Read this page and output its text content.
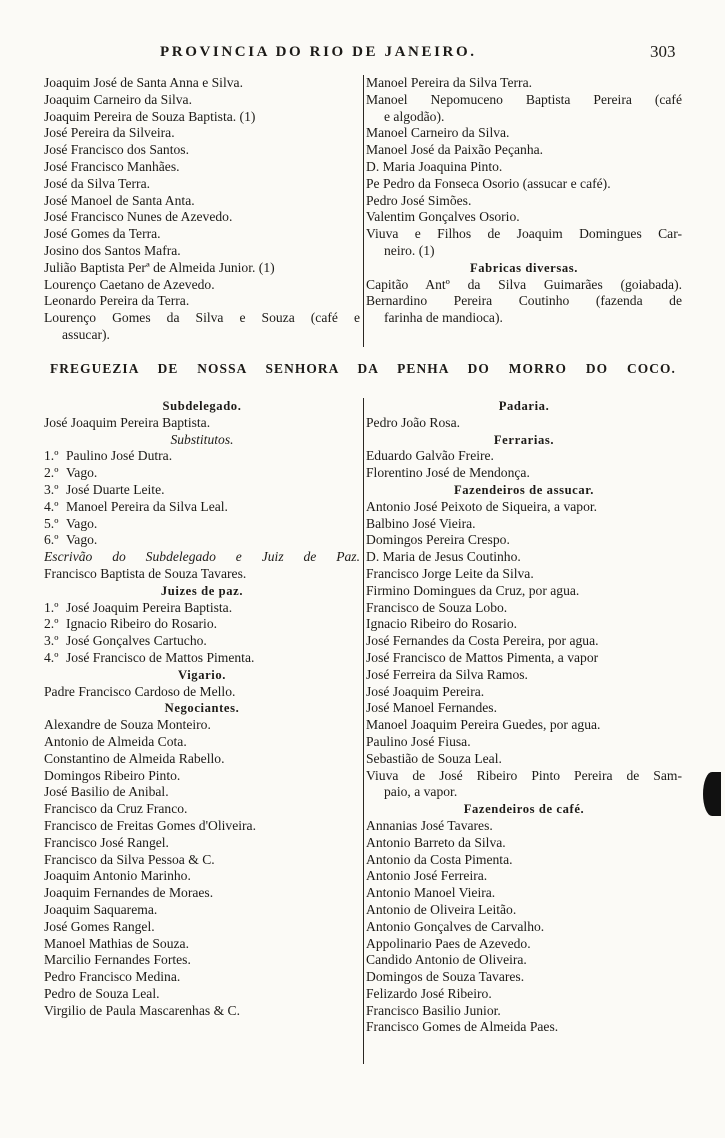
PROVINCIA DO RIO DE JANEIRO.	303
Joaquim José de Santa Anna e Silva.
Joaquim Carneiro da Silva.
Joaquim Pereira de Souza Baptista. (1)
José Pereira da Silveira.
José Francisco dos Santos.
José Francisco Manhães.
José da Silva Terra.
José Manoel de Santa Anta.
José Francisco Nunes de Azevedo.
José Gomes da Terra.
Josino dos Santos Mafra.
Julião Baptista Perª de Almeida Junior. (1)
Lourenço Caetano de Azevedo.
Leonardo Pereira da Terra.
Lourenço Gomes da Silva e Souza (café e
assucar).
Manoel Pereira da Silva Terra.
Manoel Nepomuceno Baptista Pereira (café
e algodão).
Manoel Carneiro da Silva.
Manoel José da Paixão Peçanha.
D. Maria Joaquina Pinto.
Pe Pedro da Fonseca Osorio (assucar e café).
Pedro José Simões.
Valentim Gonçalves Osorio.
Viuva e Filhos de Joaquim Domingues Car-
neiro. (1)
Fabricas diversas.
Capitão Antº da Silva Guimarães (goiabada).
Bernardino Pereira Coutinho (fazenda de
farinha de mandioca).
FREGUEZIA DE NOSSA SENHORA DA PENHA DO MORRO DO COCO.
Subdelegado.
José Joaquim Pereira Baptista.
Substitutos.
1.º Paulino José Dutra.
2.º Vago.
3.º José Duarte Leite.
4.º Manoel Pereira da Silva Leal.
5.º Vago.
6.º Vago.
Escrivão do Subdelegado e Juiz de Paz.
Francisco Baptista de Souza Tavares.
Juizes de paz.
1.º José Joaquim Pereira Baptista.
2.º Ignacio Ribeiro do Rosario.
3.º José Gonçalves Cartucho.
4.º José Francisco de Mattos Pimenta.
Vigario.
Padre Francisco Cardoso de Mello.
Negociantes.
Alexandre de Souza Monteiro.
Antonio de Almeida Cota.
Constantino de Almeida Rabello.
Domingos Ribeiro Pinto.
José Basilio de Anibal.
Francisco da Cruz Franco.
Francisco de Freitas Gomes d'Oliveira.
Francisco José Rangel.
Francisco da Silva Pessoa & C.
Joaquim Antonio Marinho.
Joaquim Fernandes de Moraes.
Joaquim Saquarema.
José Gomes Rangel.
Manoel Mathias de Souza.
Marcilio Fernandes Fortes.
Pedro Francisco Medina.
Pedro de Souza Leal.
Virgilio de Paula Mascarenhas & C.
Padaria.
Pedro João Rosa.
Ferrarias.
Eduardo Galvão Freire.
Florentino José de Mendonça.
Fazendeiros de assucar.
Antonio José Peixoto de Siqueira, a vapor.
Balbino José Vieira.
Domingos Pereira Crespo.
D. Maria de Jesus Coutinho.
Francisco Jorge Leite da Silva.
Firmino Domingues da Cruz, por agua.
Francisco de Souza Lobo.
Ignacio Ribeiro do Rosario.
José Fernandes da Costa Pereira, por agua.
José Francisco de Mattos Pimenta, a vapor
José Ferreira da Silva Ramos.
José Joaquim Pereira.
José Manoel Fernandes.
Manoel Joaquim Pereira Guedes, por agua.
Paulino José Fiusa.
Sebastião de Souza Leal.
Viuva de José Ribeiro Pinto Pereira de Sam-
paio, a vapor.
Fazendeiros de café.
Annanias José Tavares.
Antonio Barreto da Silva.
Antonio da Costa Pimenta.
Antonio José Ferreira.
Antonio Manoel Vieira.
Antonio de Oliveira Leitão.
Antonio Gonçalves de Carvalho.
Appolinario Paes de Azevedo.
Candido Antonio de Oliveira.
Domingos de Souza Tavares.
Felizardo José Ribeiro.
Francisco Basilio Junior.
Francisco Gomes de Almeida Paes.
